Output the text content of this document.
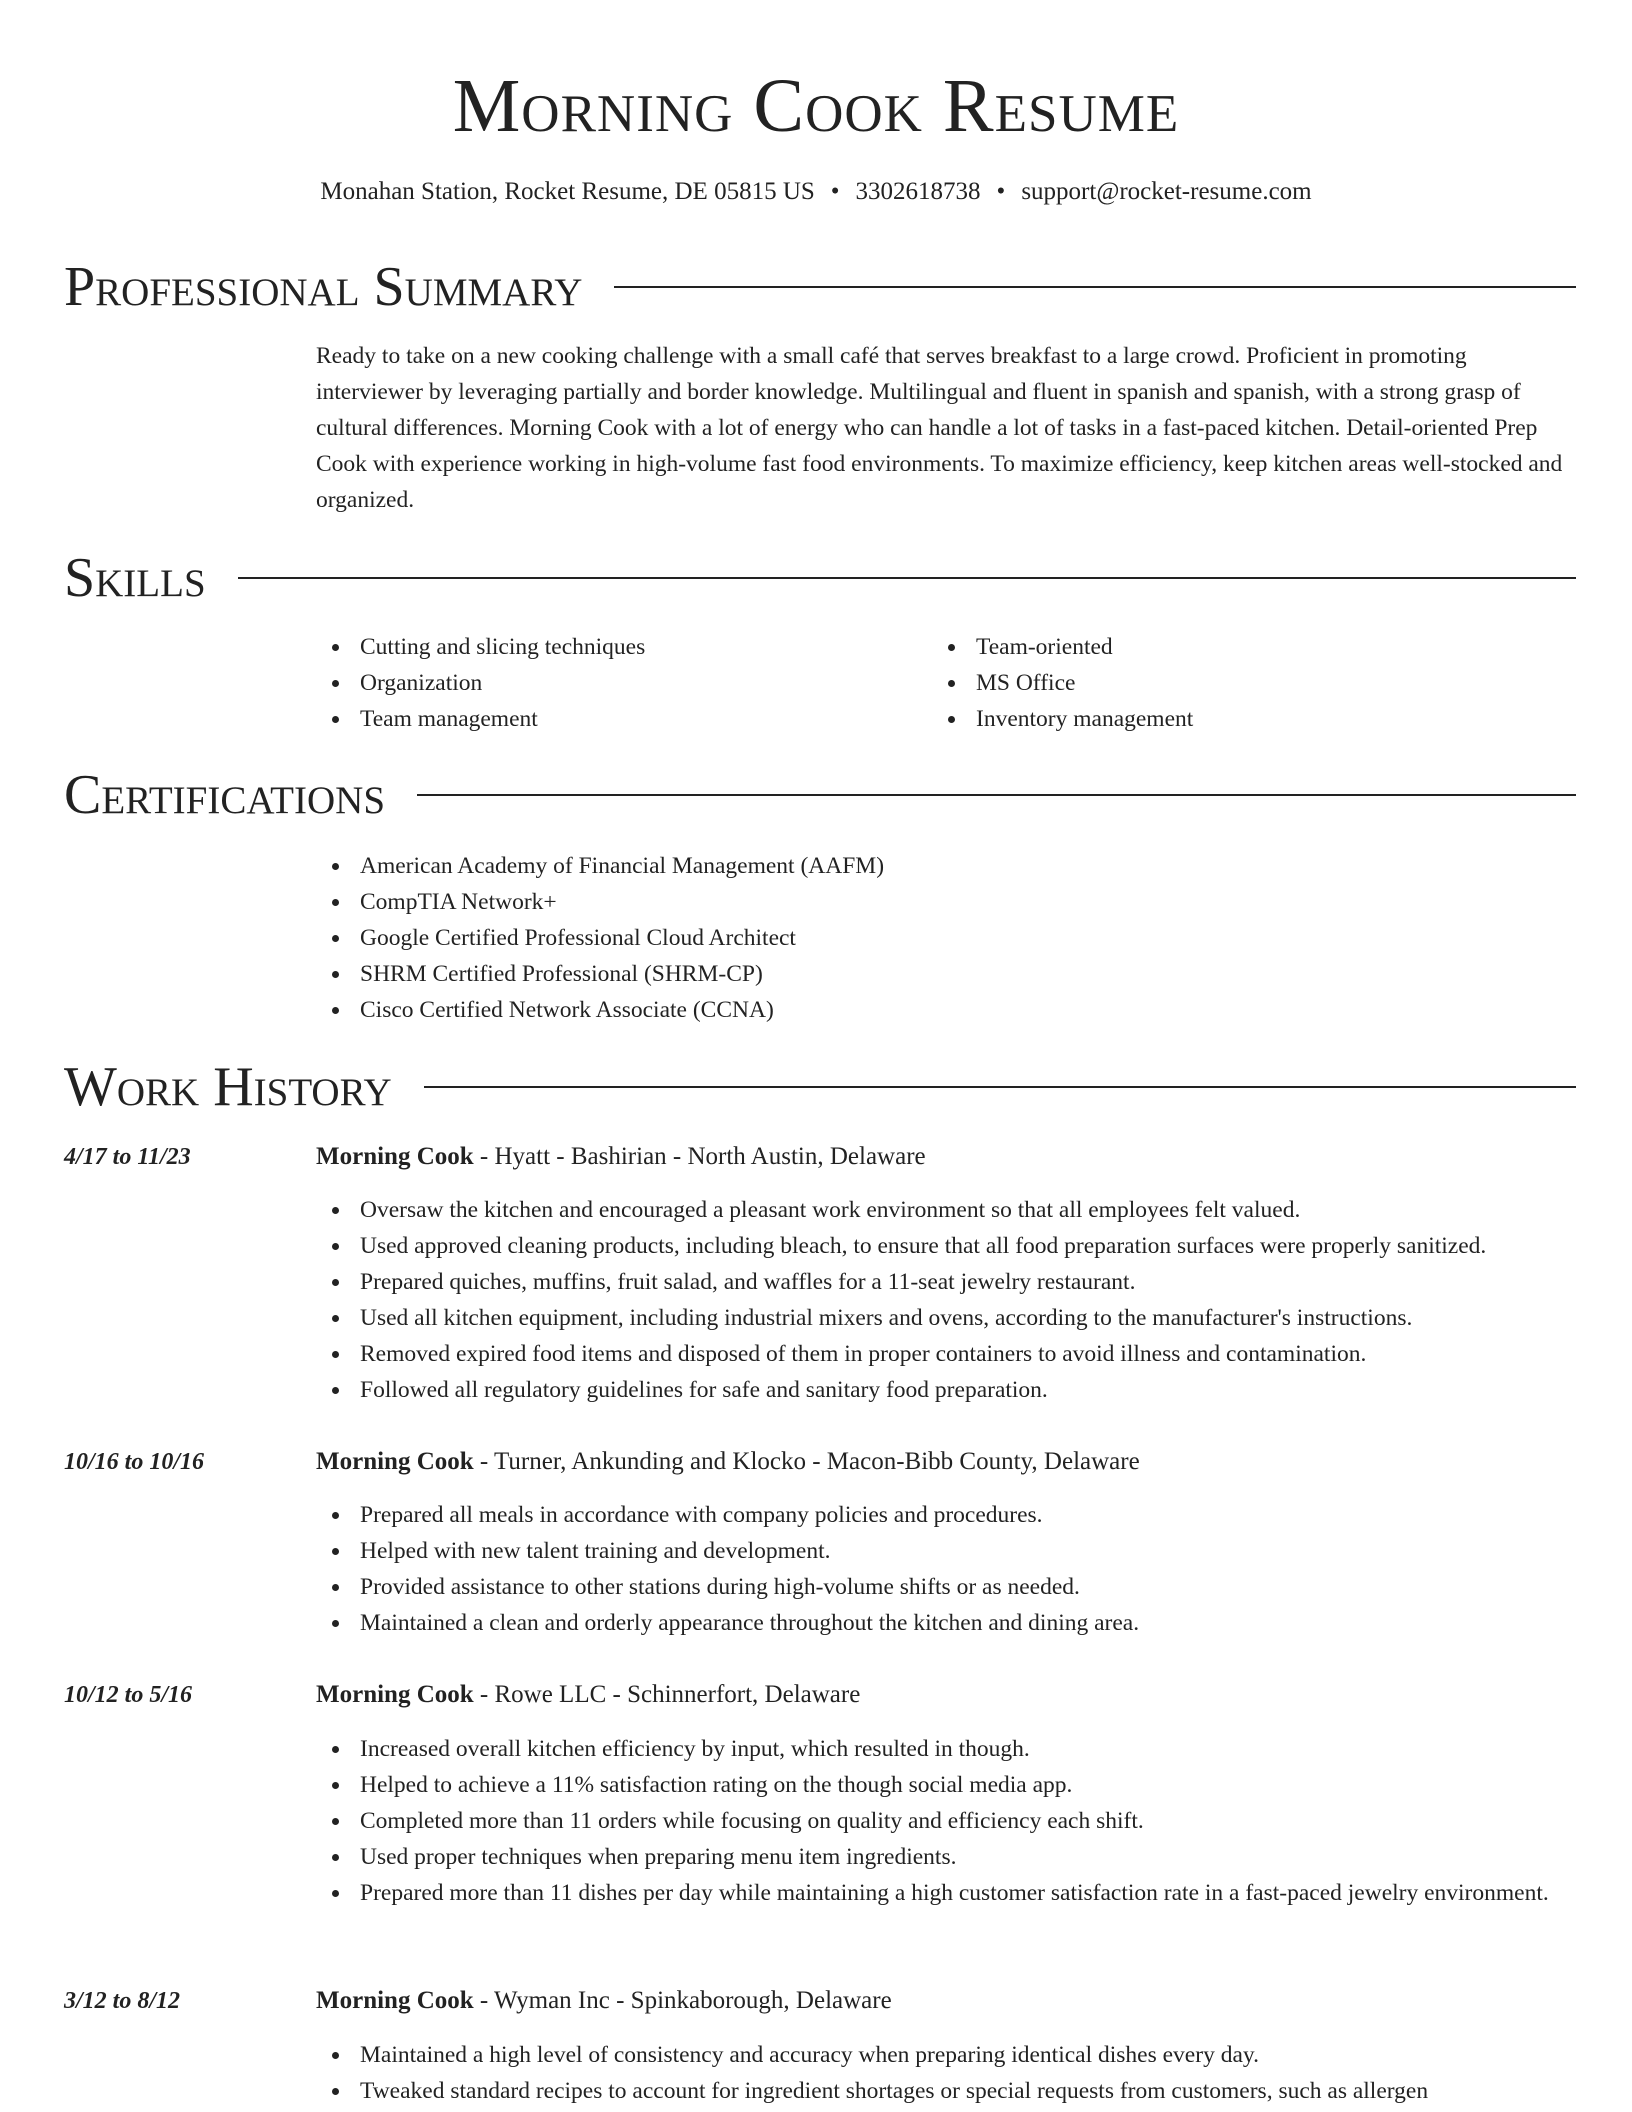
Morning Cook Resume
Monahan Station, Rocket Resume, DE 05815 US • 3302618738 • support@rocket-resume.com
Professional Summary
Ready to take on a new cooking challenge with a small café that serves breakfast to a large crowd. Proficient in promoting interviewer by leveraging partially and border knowledge. Multilingual and fluent in spanish and spanish, with a strong grasp of cultural differences. Morning Cook with a lot of energy who can handle a lot of tasks in a fast-paced kitchen. Detail-oriented Prep Cook with experience working in high-volume fast food environments. To maximize efficiency, keep kitchen areas well-stocked and organized.
Skills
Cutting and slicing techniques
Organization
Team management
Team-oriented
MS Office
Inventory management
Certifications
American Academy of Financial Management (AAFM)
CompTIA Network+
Google Certified Professional Cloud Architect
SHRM Certified Professional (SHRM-CP)
Cisco Certified Network Associate (CCNA)
Work History
4/17 to 11/23	Morning Cook - Hyatt - Bashirian - North Austin, Delaware
Oversaw the kitchen and encouraged a pleasant work environment so that all employees felt valued.
Used approved cleaning products, including bleach, to ensure that all food preparation surfaces were properly sanitized.
Prepared quiches, muffins, fruit salad, and waffles for a 11-seat jewelry restaurant.
Used all kitchen equipment, including industrial mixers and ovens, according to the manufacturer's instructions.
Removed expired food items and disposed of them in proper containers to avoid illness and contamination.
Followed all regulatory guidelines for safe and sanitary food preparation.
10/16 to 10/16	Morning Cook - Turner, Ankunding and Klocko - Macon-Bibb County, Delaware
Prepared all meals in accordance with company policies and procedures.
Helped with new talent training and development.
Provided assistance to other stations during high-volume shifts or as needed.
Maintained a clean and orderly appearance throughout the kitchen and dining area.
10/12 to 5/16	Morning Cook - Rowe LLC - Schinnerfort, Delaware
Increased overall kitchen efficiency by input, which resulted in though.
Helped to achieve a 11% satisfaction rating on the though social media app.
Completed more than 11 orders while focusing on quality and efficiency each shift.
Used proper techniques when preparing menu item ingredients.
Prepared more than 11 dishes per day while maintaining a high customer satisfaction rate in a fast-paced jewelry environment.
3/12 to 8/12	Morning Cook - Wyman Inc - Spinkaborough, Delaware
Maintained a high level of consistency and accuracy when preparing identical dishes every day.
Tweaked standard recipes to account for ingredient shortages or special requests from customers, such as allergen
